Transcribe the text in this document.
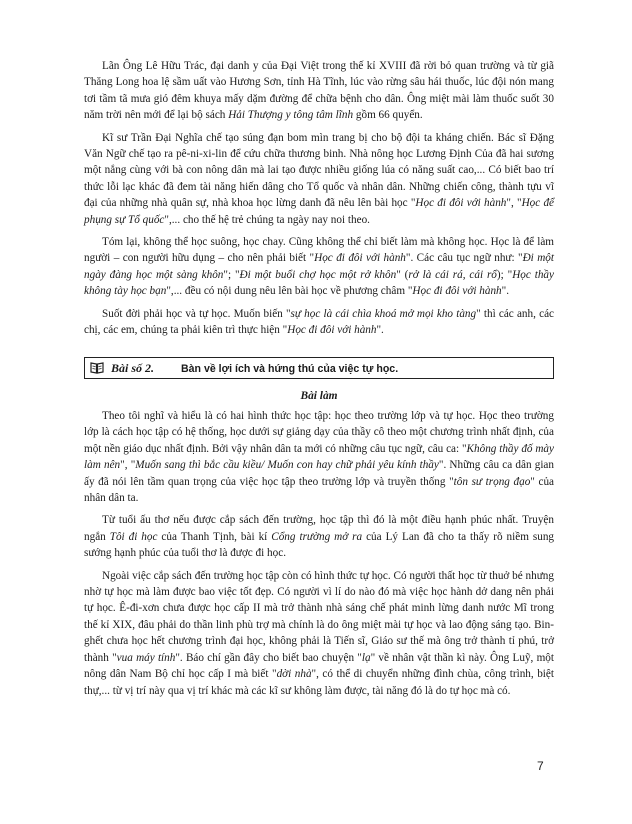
Lãn Ông Lê Hữu Trác, đại danh y của Đại Việt trong thế kỉ XVIII đã rời bỏ quan trường và từ giã Thăng Long hoa lệ sầm uất vào Hương Sơn, tỉnh Hà Tĩnh, lúc vào rừng sâu hái thuốc, lúc đội nón mang tơi tầm tã mưa gió đêm khuya mấy dặm đường để chữa bệnh cho dân. Ông miệt mài làm thuốc suốt 30 năm trời nên mới để lại bộ sách Hải Thượng y tông tâm lĩnh gồm 66 quyển.

Kĩ sư Trần Đại Nghĩa chế tạo súng đạn bom mìn trang bị cho bộ đội ta kháng chiến. Bác sĩ Đặng Văn Ngữ chế tạo ra pê-ni-xi-lin để cứu chữa thương binh. Nhà nông học Lương Định Của đã hai sương một nắng cùng với bà con nông dân mà lai tạo được nhiều giống lúa có năng suất cao,... Có biết bao trí thức lỗi lạc khác đã đem tài năng hiến dâng cho Tổ quốc và nhân dân. Những chiến công, thành tựu vĩ đại của những nhà quân sự, nhà khoa học lừng danh đã nêu lên bài học "Học đi đôi với hành", "Học để phụng sự Tổ quốc",... cho thế hệ trẻ chúng ta ngày nay noi theo.

Tóm lại, không thể học suông, học chay. Cũng không thể chỉ biết làm mà không học. Học là để làm người – con người hữu dụng – cho nên phải biết "Học đi đôi với hành". Các câu tục ngữ như: "Đi một ngày đàng học một sàng khôn"; "Đi một buổi chợ học một rở khôn" (rở là cái rá, cái rổ); "Học thầy không tày học bạn",... đều có nội dung nêu lên bài học về phương châm "Học đi đôi với hành".

Suốt đời phải học và tự học. Muốn biến "sự học là cái chìa khoá mở mọi kho tàng" thì các anh, các chị, các em, chúng ta phải kiên trì thực hiện "Học đi đôi với hành".

Bài số 2.	Bàn về lợi ích và hứng thú của việc tự học.

Bài làm

Theo tôi nghĩ và hiểu là có hai hình thức học tập: học theo trường lớp và tự học. Học theo trường lớp là cách học tập có hệ thống, học dưới sự giảng dạy của thầy cô theo một chương trình nhất định, của một nền giáo dục nhất định. Bởi vậy nhân dân ta mới có những câu tục ngữ, câu ca: "Không thầy đố mày làm nên", "Muốn sang thì bắc cầu kiều/ Muốn con hay chữ phải yêu kính thầy". Những câu ca dân gian ấy đã nói lên tầm quan trọng của việc học tập theo trường lớp và truyền thống "tôn sư trọng đạo" của nhân dân ta.

Từ tuổi ấu thơ nếu được cắp sách đến trường, học tập thì đó là một điều hạnh phúc nhất. Truyện ngắn Tôi đi học của Thanh Tịnh, bài kí Cổng trường mở ra của Lý Lan đã cho ta thấy rõ niềm sung sướng hạnh phúc của tuổi thơ là được đi học.

Ngoài việc cắp sách đến trường học tập còn có hình thức tự học. Có người thất học từ thuở bé nhưng nhờ tự học mà làm được bao việc tốt đẹp. Có người vì lí do nào đó mà việc học hành dở dang nên phải tự học. Ê-đi-xơn chưa được học cấp II mà trở thành nhà sáng chế phát minh lừng danh nước Mĩ trong thế kỉ XIX, đâu phải do thần linh phù trợ mà chính là do ông miệt mài tự học và lao động sáng tạo. Bin-ghết chưa học hết chương trình đại học, không phải là Tiến sĩ, Giáo sư thế mà ông trở thành tỉ phú, trở thành "vua máy tính". Báo chí gần đây cho biết bao chuyện "lạ" về nhân vật thần kì này. Ông Luỹ, một nông dân Nam Bộ chỉ học cấp I mà biết "dời nhà", có thể di chuyển những đình chùa, công trình, biệt thự,... từ vị trí này qua vị trí khác mà các kĩ sư không làm được, tài năng đó là do tự học mà có.

7
